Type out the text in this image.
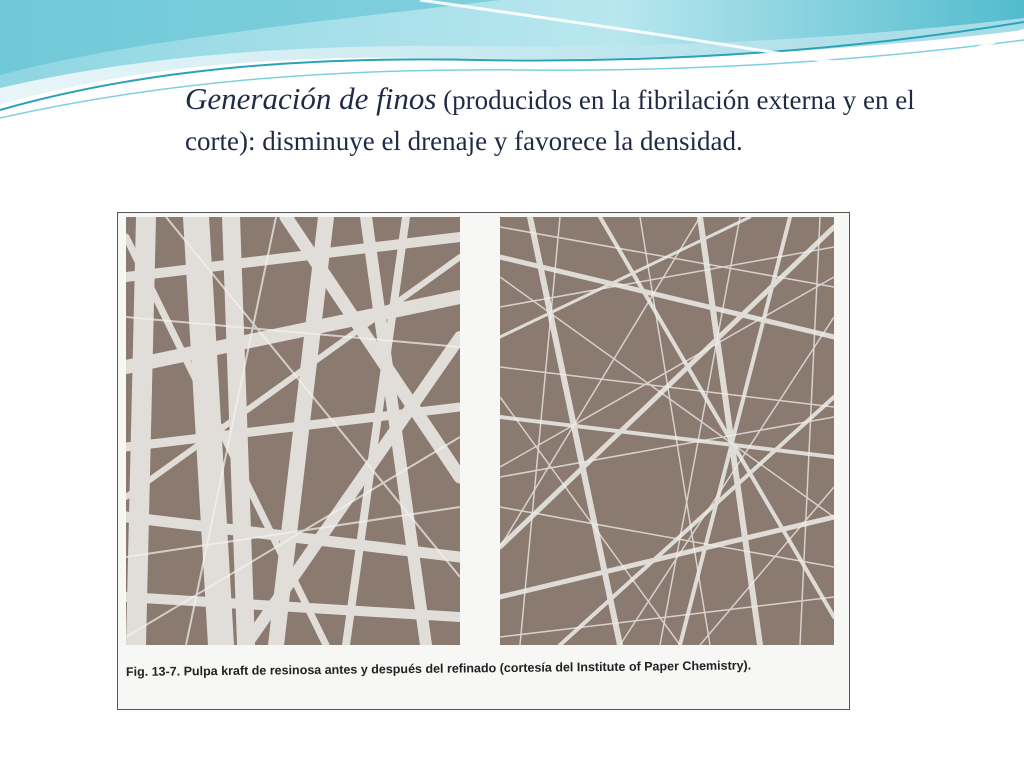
Generación de finos (producidos en la fibrilación externa y en el corte): disminuye el drenaje y favorece la densidad.

Fig. 13-7. Pulpa kraft de resinosa antes y después del refinado (cortesía del Institute of Paper Chemistry).
